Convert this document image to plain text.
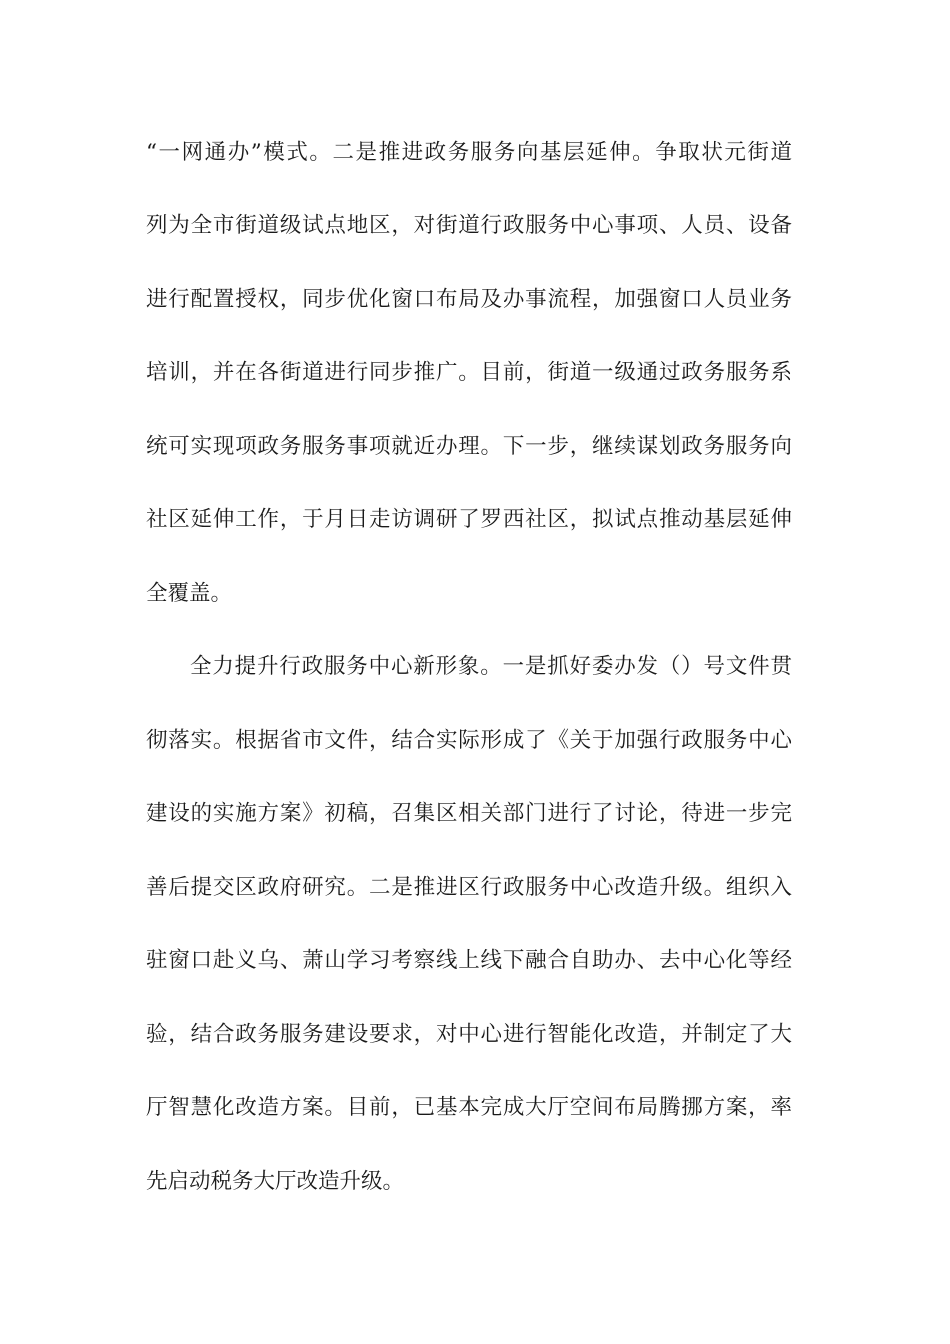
“一网通办”模式。二是推进政务服务向基层延伸。争取状元街道
列为全市街道级试点地区，对街道行政服务中心事项、人员、设备
进行配置授权，同步优化窗口布局及办事流程，加强窗口人员业务
培训，并在各街道进行同步推广。目前，街道一级通过政务服务系
统可实现项政务服务事项就近办理。下一步，继续谋划政务服务向
社区延伸工作，于月日走访调研了罗西社区，拟试点推动基层延伸
全覆盖。
全力提升行政服务中心新形象。一是抓好委办发（）号文件贯
彻落实。根据省市文件，结合实际形成了《关于加强行政服务中心
建设的实施方案》初稿，召集区相关部门进行了讨论，待进一步完
善后提交区政府研究。二是推进区行政服务中心改造升级。组织入
驻窗口赴义乌、萧山学习考察线上线下融合自助办、去中心化等经
验，结合政务服务建设要求，对中心进行智能化改造，并制定了大
厅智慧化改造方案。目前，已基本完成大厅空间布局腾挪方案，率
先启动税务大厅改造升级。
